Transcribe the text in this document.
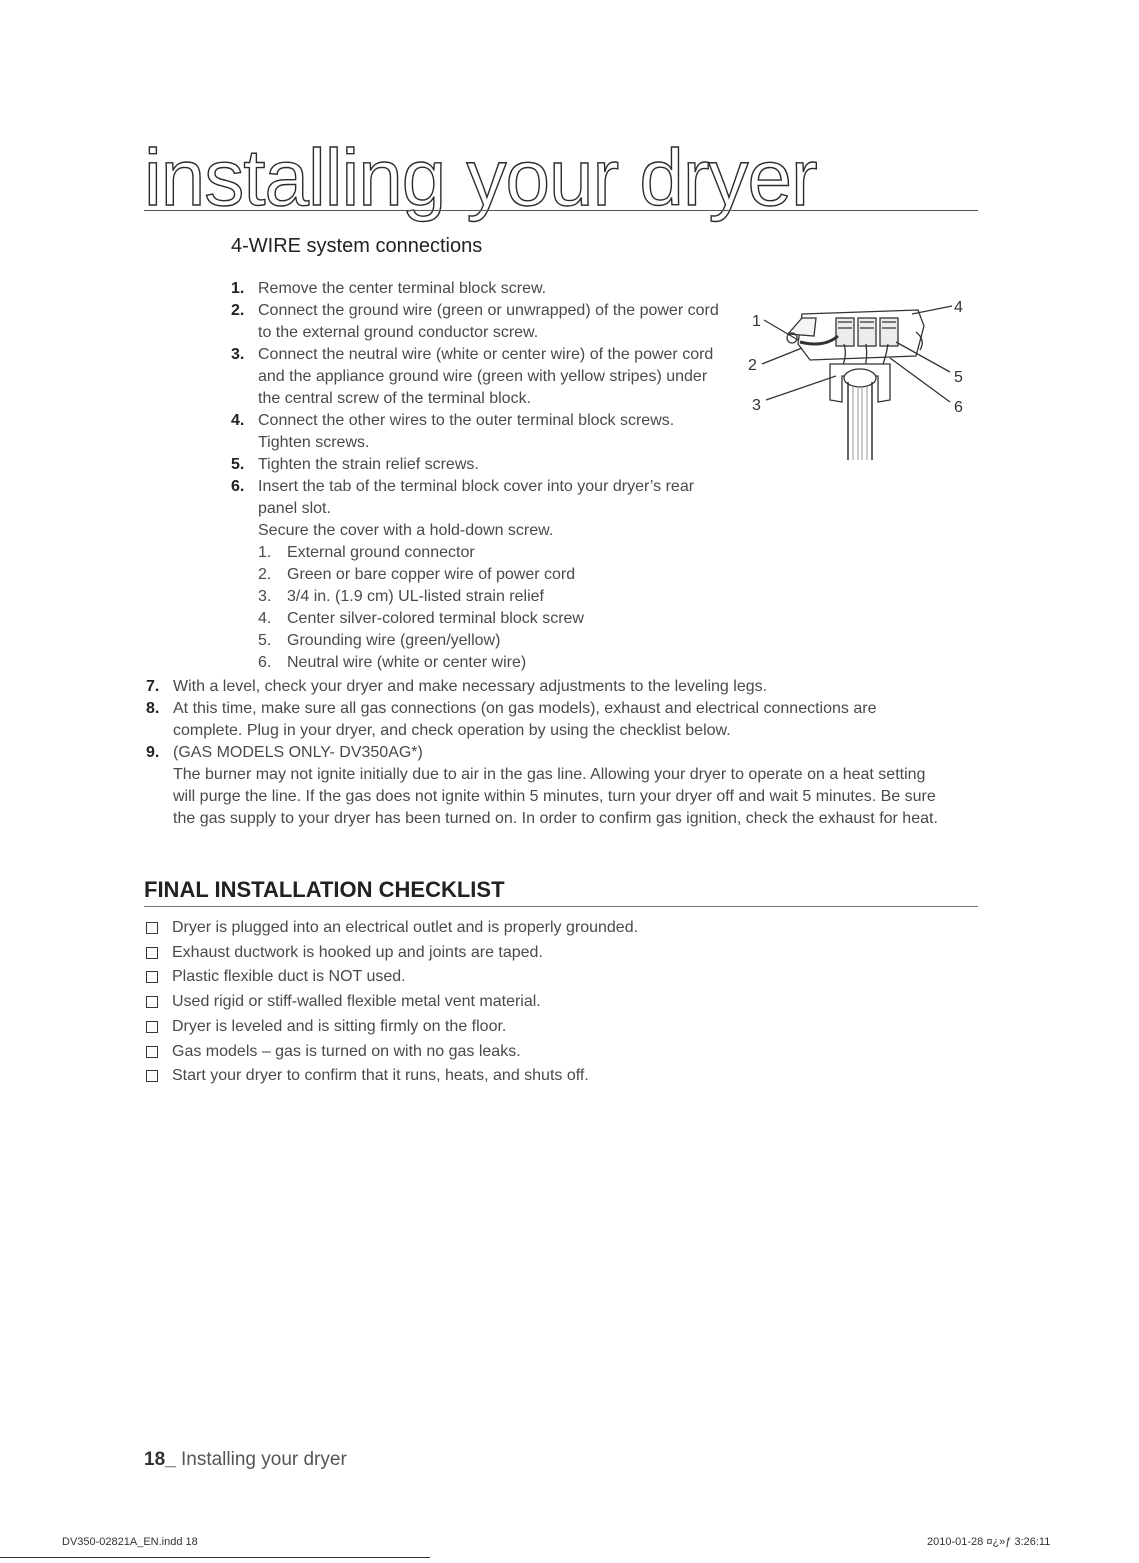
installing your dryer
4-WIRE system connections
1. Remove the center terminal block screw.
2. Connect the ground wire (green or unwrapped) of the power cord to the external ground conductor screw.
3. Connect the neutral wire (white or center wire) of the power cord and the appliance ground wire (green with yellow stripes) under the central screw of the terminal block.
4. Connect the other wires to the outer terminal block screws. Tighten screws.
5. Tighten the strain relief screws.
6. Insert the tab of the terminal block cover into your dryer’s rear panel slot.
Secure the cover with a hold-down screw.
1. External ground connector
2. Green or bare copper wire of power cord
3. 3/4 in. (1.9 cm) UL-listed strain relief
4. Center silver-colored terminal block screw
5. Grounding wire (green/yellow)
6. Neutral wire (white or center wire)
7. With a level, check your dryer and make necessary adjustments to the leveling legs.
8. At this time, make sure all gas connections (on gas models), exhaust and electrical connections are complete. Plug in your dryer, and check operation by using the checklist below.
9. (GAS MODELS ONLY- DV350AG*)
The burner may not ignite initially due to air in the gas line. Allowing your dryer to operate on a heat setting will purge the line. If the gas does not ignite within 5 minutes, turn your dryer off and wait 5 minutes. Be sure the gas supply to your dryer has been turned on. In order to confirm gas ignition, check the exhaust for heat.
1
2
3
4
5
6
FINAL INSTALLATION CHECKLIST
Dryer is plugged into an electrical outlet and is properly grounded.
Exhaust ductwork is hooked up and joints are taped.
Plastic flexible duct is NOT used.
Used rigid or stiff-walled flexible metal vent material.
Dryer is leveled and is sitting firmly on the floor.
Gas models – gas is turned on with no gas leaks.
Start your dryer to confirm that it runs, heats, and shuts off.
18_ Installing your dryer
DV350-02821A_EN.indd 18	2010-01-28 ¤¿»ƒ 3:26:11
